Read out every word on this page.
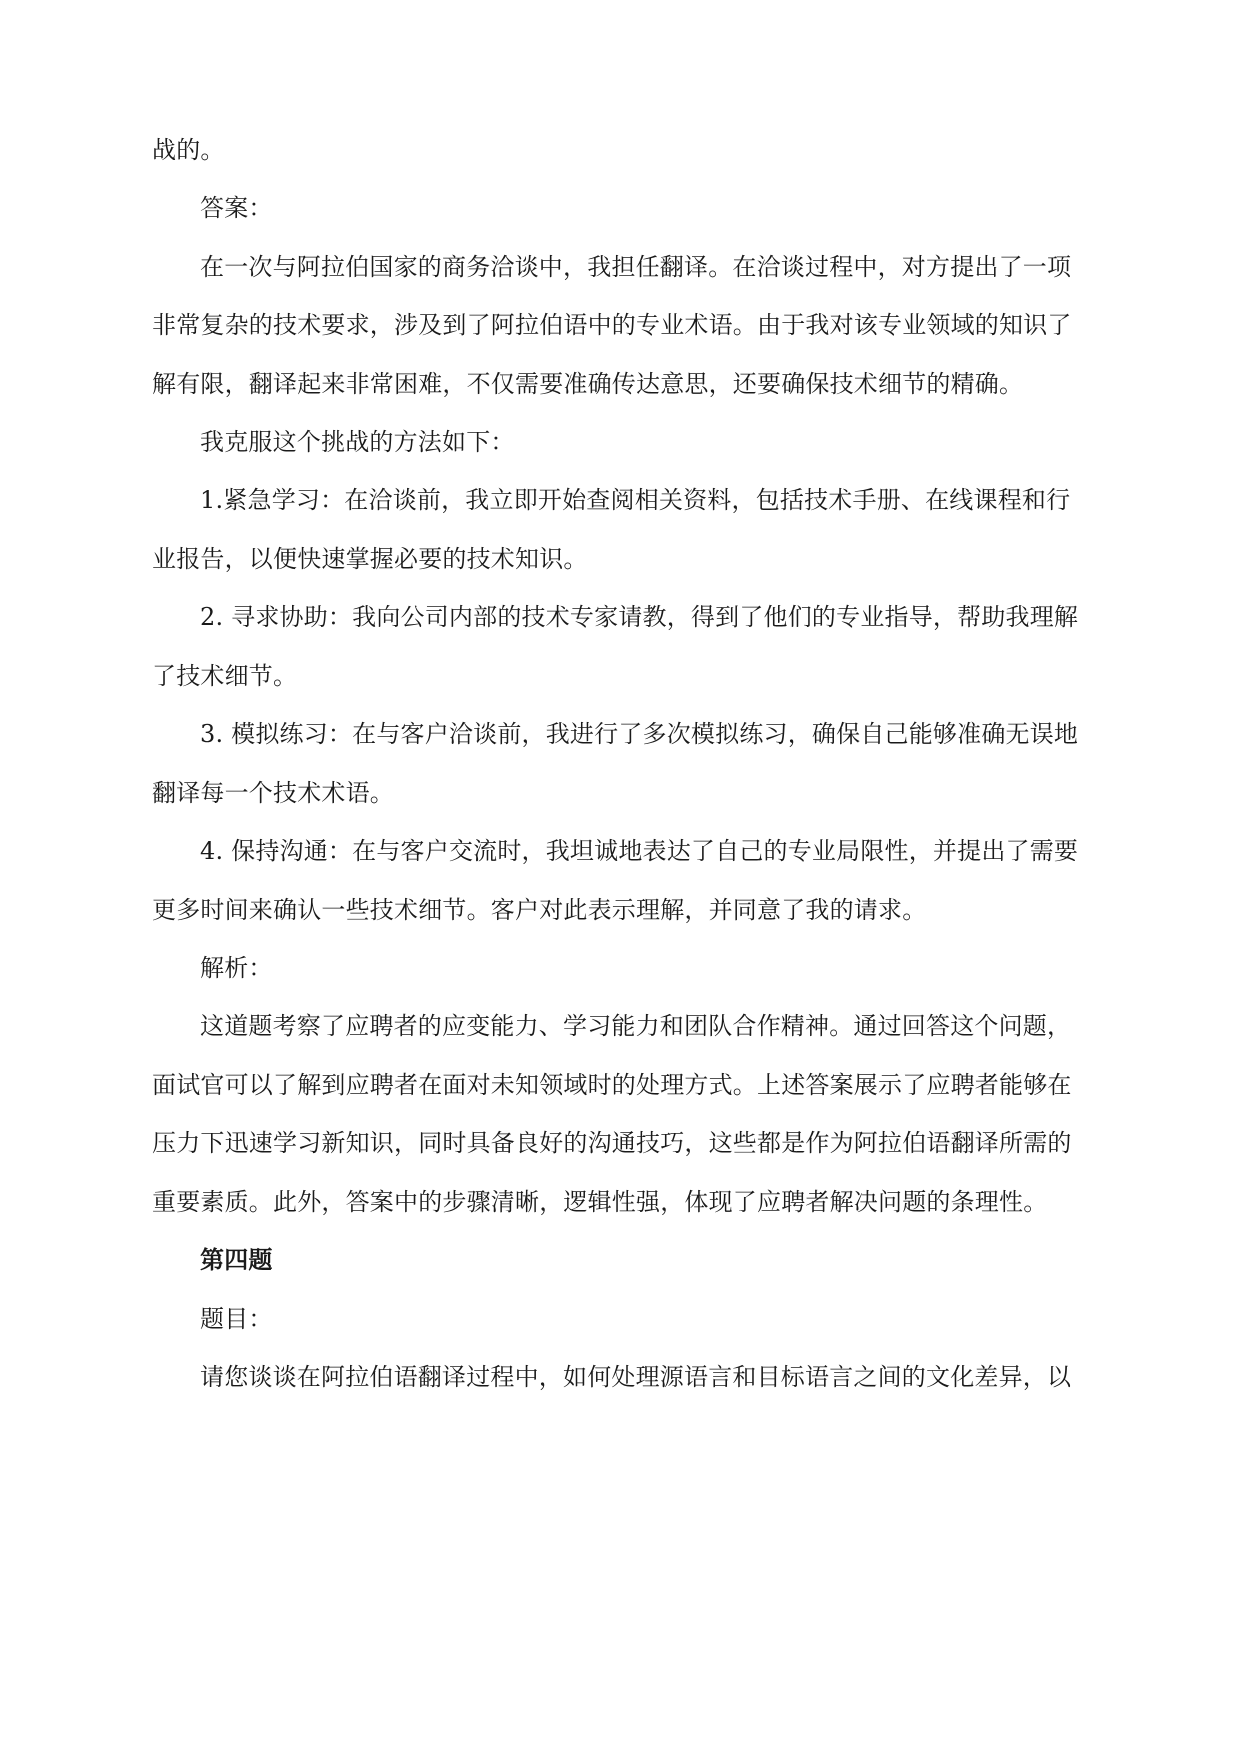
战的。
答案：
在一次与阿拉伯国家的商务洽谈中，我担任翻译。在洽谈过程中，对方提出了一项
非常复杂的技术要求，涉及到了阿拉伯语中的专业术语。由于我对该专业领域的知识了
解有限，翻译起来非常困难，不仅需要准确传达意思，还要确保技术细节的精确。
我克服这个挑战的方法如下：
1.紧急学习：在洽谈前，我立即开始查阅相关资料，包括技术手册、在线课程和行
业报告，以便快速掌握必要的技术知识。
2. 寻求协助：我向公司内部的技术专家请教，得到了他们的专业指导，帮助我理解
了技术细节。
3. 模拟练习：在与客户洽谈前，我进行了多次模拟练习，确保自己能够准确无误地
翻译每一个技术术语。
4. 保持沟通：在与客户交流时，我坦诚地表达了自己的专业局限性，并提出了需要
更多时间来确认一些技术细节。客户对此表示理解，并同意了我的请求。
解析：
这道题考察了应聘者的应变能力、学习能力和团队合作精神。通过回答这个问题，
面试官可以了解到应聘者在面对未知领域时的处理方式。上述答案展示了应聘者能够在
压力下迅速学习新知识，同时具备良好的沟通技巧，这些都是作为阿拉伯语翻译所需的
重要素质。此外，答案中的步骤清晰，逻辑性强，体现了应聘者解决问题的条理性。
第四题
题目：
请您谈谈在阿拉伯语翻译过程中，如何处理源语言和目标语言之间的文化差异，以
